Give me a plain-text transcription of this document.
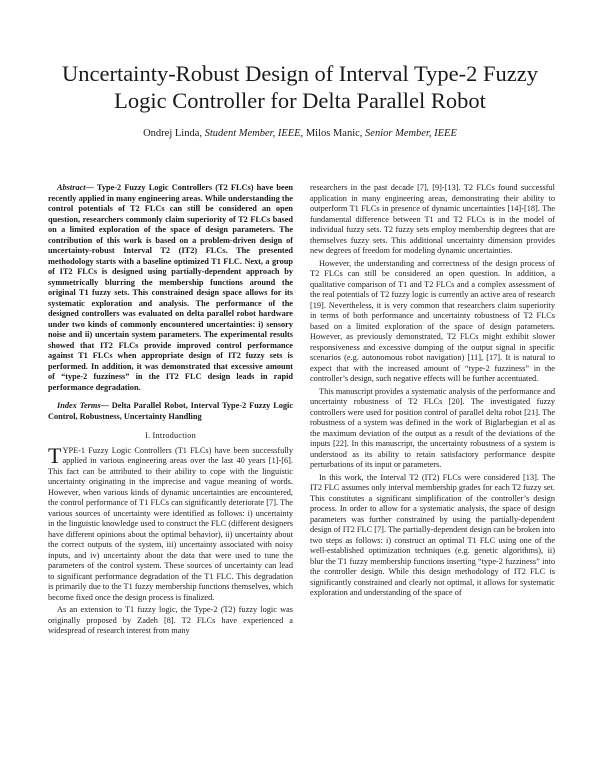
Uncertainty-Robust Design of Interval Type-2 Fuzzy Logic Controller for Delta Parallel Robot
Ondrej Linda, Student Member, IEEE, Milos Manic, Senior Member, IEEE

Abstract— Type-2 Fuzzy Logic Controllers (T2 FLCs) have been recently applied in many engineering areas. While understanding the control potentials of T2 FLCs can still be considered an open question, researchers commonly claim superiority of T2 FLCs based on a limited exploration of the space of design parameters. The contribution of this work is based on a problem-driven design of uncertainty-robust Interval T2 (IT2) FLCs. The presented methodology starts with a baseline optimized T1 FLC. Next, a group of IT2 FLCs is designed using partially-dependent approach by symmetrically blurring the membership functions around the original T1 fuzzy sets. This constrained design space allows for its systematic exploration and analysis. The performance of the designed controllers was evaluated on delta parallel robot hardware under two kinds of commonly encountered uncertainties: i) sensory noise and ii) uncertain system parameters. The experimental results showed that IT2 FLCs provide improved control performance against T1 FLCs when appropriate design of IT2 fuzzy sets is performed. In addition, it was demonstrated that excessive amount of “type-2 fuzziness” in the IT2 FLC design leads in rapid performance degradation.

Index Terms— Delta Parallel Robot, Interval Type-2 Fuzzy Logic Control, Robustness, Uncertainty Handling

I. Introduction

T YPE-1 Fuzzy Logic Controllers (T1 FLCs) have been successfully applied in various engineering areas over the last 40 years [1]-[6]. This fact can be attributed to their ability to cope with the linguistic uncertainty originating in the imprecise and vague meaning of words. However, when various kinds of dynamic uncertainties are encountered, the control performance of T1 FLCs can significantly deteriorate [7]. The various sources of uncertainty were identified as follows: i) uncertainty in the linguistic knowledge used to construct the FLC (different designers have different opinions about the optimal behavior), ii) uncertainty about the correct outputs of the system, iii) uncertainty associated with noisy inputs, and iv) uncertainty about the data that were used to tune the parameters of the control system. These sources of uncertainty can lead to significant performance degradation of the T1 FLC. This degradation is primarily due to the T1 fuzzy membership functions themselves, which become fixed once the design process is finalized.

As an extension to T1 fuzzy logic, the Type-2 (T2) fuzzy logic was originally proposed by Zadeh [8]. T2 FLCs have experienced a widespread of research interest from many

researchers in the past decade [7], [9]-[13]. T2 FLCs found successful application in many engineering areas, demonstrating their ability to outperform T1 FLCs in presence of dynamic uncertainties [14]-[18]. The fundamental difference between T1 and T2 FLCs is in the model of individual fuzzy sets. T2 fuzzy sets employ membership degrees that are themselves fuzzy sets. This additional uncertainty dimension provides new degrees of freedom for modeling dynamic uncertainties.

However, the understanding and correctness of the design process of T2 FLCs can still be considered an open question. In addition, a qualitative comparison of T1 and T2 FLCs and a complex assessment of the real potentials of T2 fuzzy logic is currently an active area of research [19]. Nevertheless, it is very common that researchers claim superiority in terms of both performance and uncertainty robustness of T2 FLCs based on a limited exploration of the space of design parameters. However, as previously demonstrated, T2 FLCs might exhibit slower responsiveness and excessive dumping of the output signal in specific scenarios (e.g. autonomous robot navigation) [11], [17]. It is natural to expect that with the increased amount of “type-2 fuzziness” in the controller’s design, such negative effects will be further accentuated.

This manuscript provides a systematic analysis of the performance and uncertainty robustness of T2 FLCs [20]. The investigated fuzzy controllers were used for position control of parallel delta robot [21]. The robustness of a system was defined in the work of Biglarbegian et al as the maximum deviation of the output as a result of the deviations of the inputs [22]. In this manuscript, the uncertainty robustness of a system is understood as its ability to retain satisfactory performance despite perturbations of its input or parameters.

In this work, the Interval T2 (IT2) FLCs were considered [13]. The IT2 FLC assumes only interval membership grades for each T2 fuzzy set. This constitutes a significant simplification of the controller’s design process. In order to allow for a systematic analysis, the space of design parameters was further constrained by using the partially-dependent design of IT2 FLC [7]. The partially-dependent design can be broken into two steps as follows: i) construct an optimal T1 FLC using one of the well-established optimization techniques (e.g. genetic algorithms), ii) blur the T1 fuzzy membership functions inserting “type-2 fuzziness” into the controller design. While this design methodology of IT2 FLC is significantly constrained and clearly not optimal, it allows for systematic exploration and understanding of the space of
